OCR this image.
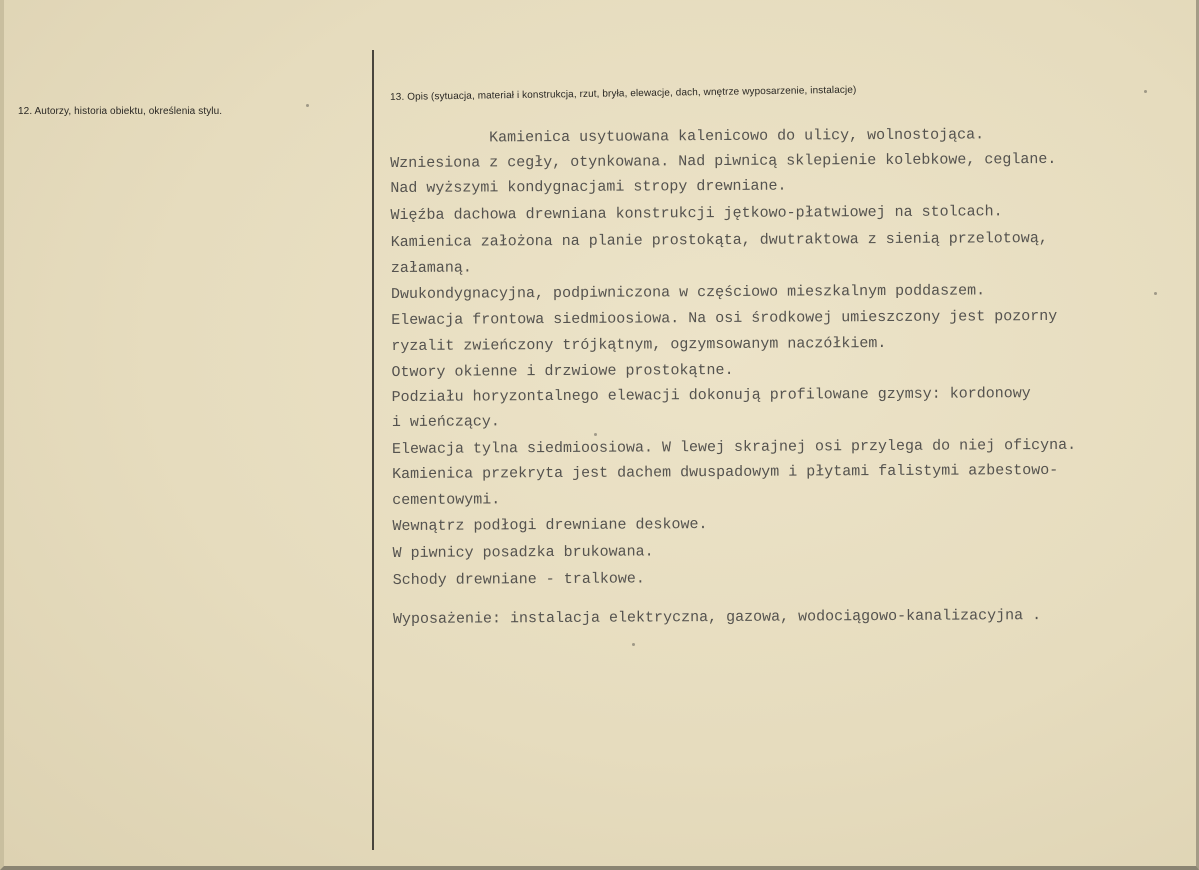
12. Autorzy, historia obiektu, określenia stylu.
13. Opis (sytuacja, materiał i konstrukcja, rzut, bryła, elewacje, dach, wnętrze wyposarzenie, instalacje)
Kamienica usytuowana kalenicowo do ulicy, wolnostojąca.
Wzniesiona z cegły, otynkowana. Nad piwnicą sklepienie kolebkowe, ceglane.
Nad wyższymi kondygnacjami stropy drewniane.
Więźba dachowa drewniana konstrukcji jętkowo-płatwiowej na stolcach.
Kamienica założona na planie prostokąta, dwutraktowa z sienią przelotową,
załamaną.
Dwukondygnacyjna, podpiwniczona w częściowo mieszkalnym poddaszem.
Elewacja frontowa siedmioosiowa. Na osi środkowej umieszczony jest pozorny
ryzalit zwieńczony trójkątnym, ogzymsowanym naczółkiem.
Otwory okienne i drzwiowe prostokątne.
Podziału horyzontalnego elewacji dokonują profilowane gzymsy: kordonowy
i wieńczący.
Elewacja tylna siedmioosiowa. W lewej skrajnej osi przylega do niej oficyna.
Kamienica przekryta jest dachem dwuspadowym i płytami falistymi azbestowo-
cementowymi.
Wewnątrz podłogi drewniane deskowe.
W piwnicy posadzka brukowana.
Schody drewniane - tralkowe.
Wyposażenie: instalacja elektryczna, gazowa, wodociągowo-kanalizacyjna .
